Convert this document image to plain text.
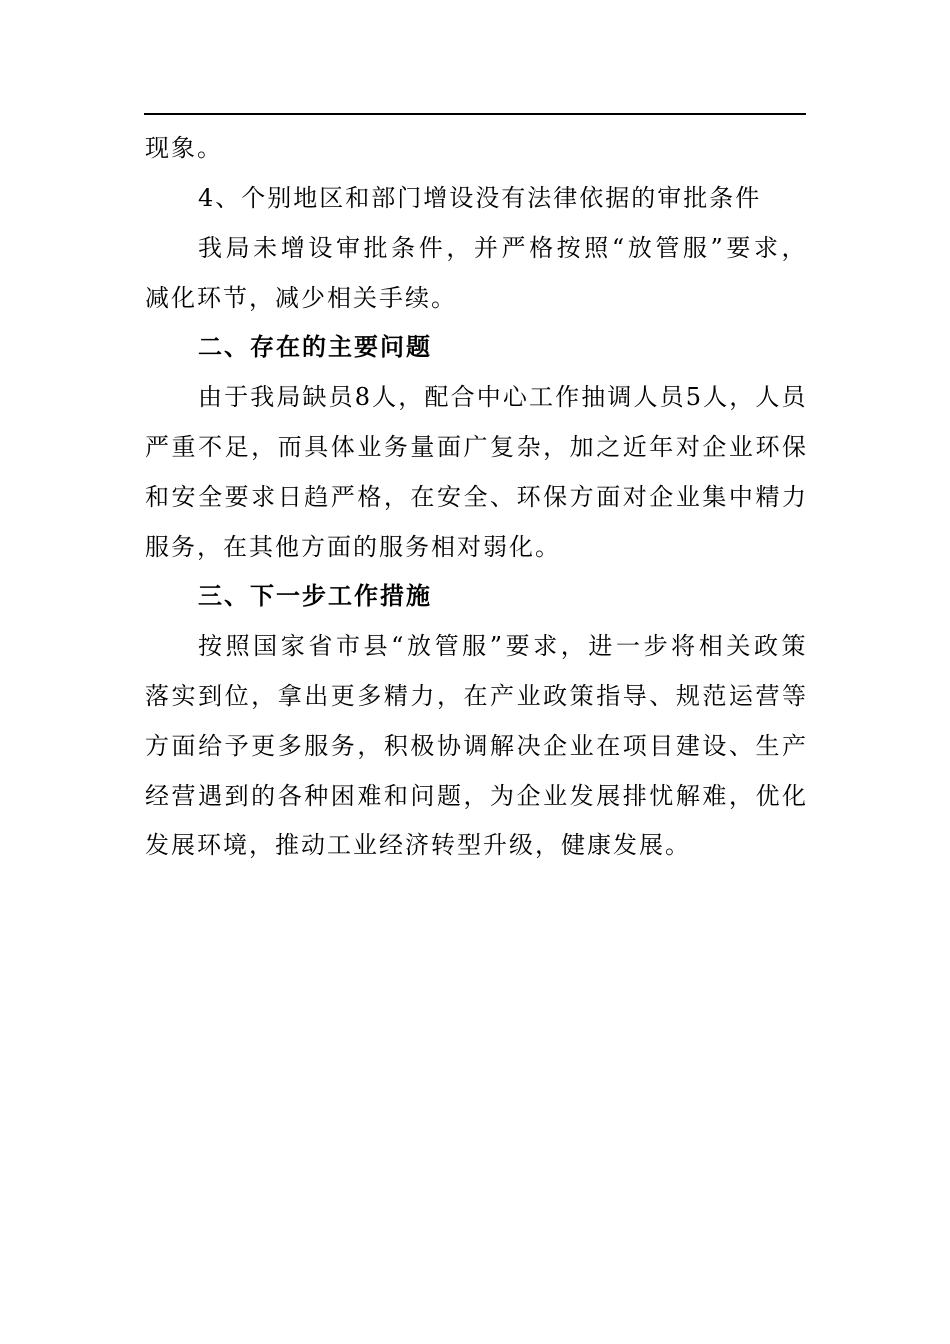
现象。
4、个别地区和部门增设没有法律依据的审批条件
我局未增设审批条件，并严格按照“放管服”要求，
减化环节，减少相关手续。
二、存在的主要问题
由于我局缺员8人，配合中心工作抽调人员5人，人员
严重不足，而具体业务量面广复杂，加之近年对企业环保
和安全要求日趋严格，在安全、环保方面对企业集中精力
服务，在其他方面的服务相对弱化。
三、下一步工作措施
按照国家省市县“放管服”要求，进一步将相关政策
落实到位，拿出更多精力，在产业政策指导、规范运营等
方面给予更多服务，积极协调解决企业在项目建设、生产
经营遇到的各种困难和问题，为企业发展排忧解难，优化
发展环境，推动工业经济转型升级，健康发展。
